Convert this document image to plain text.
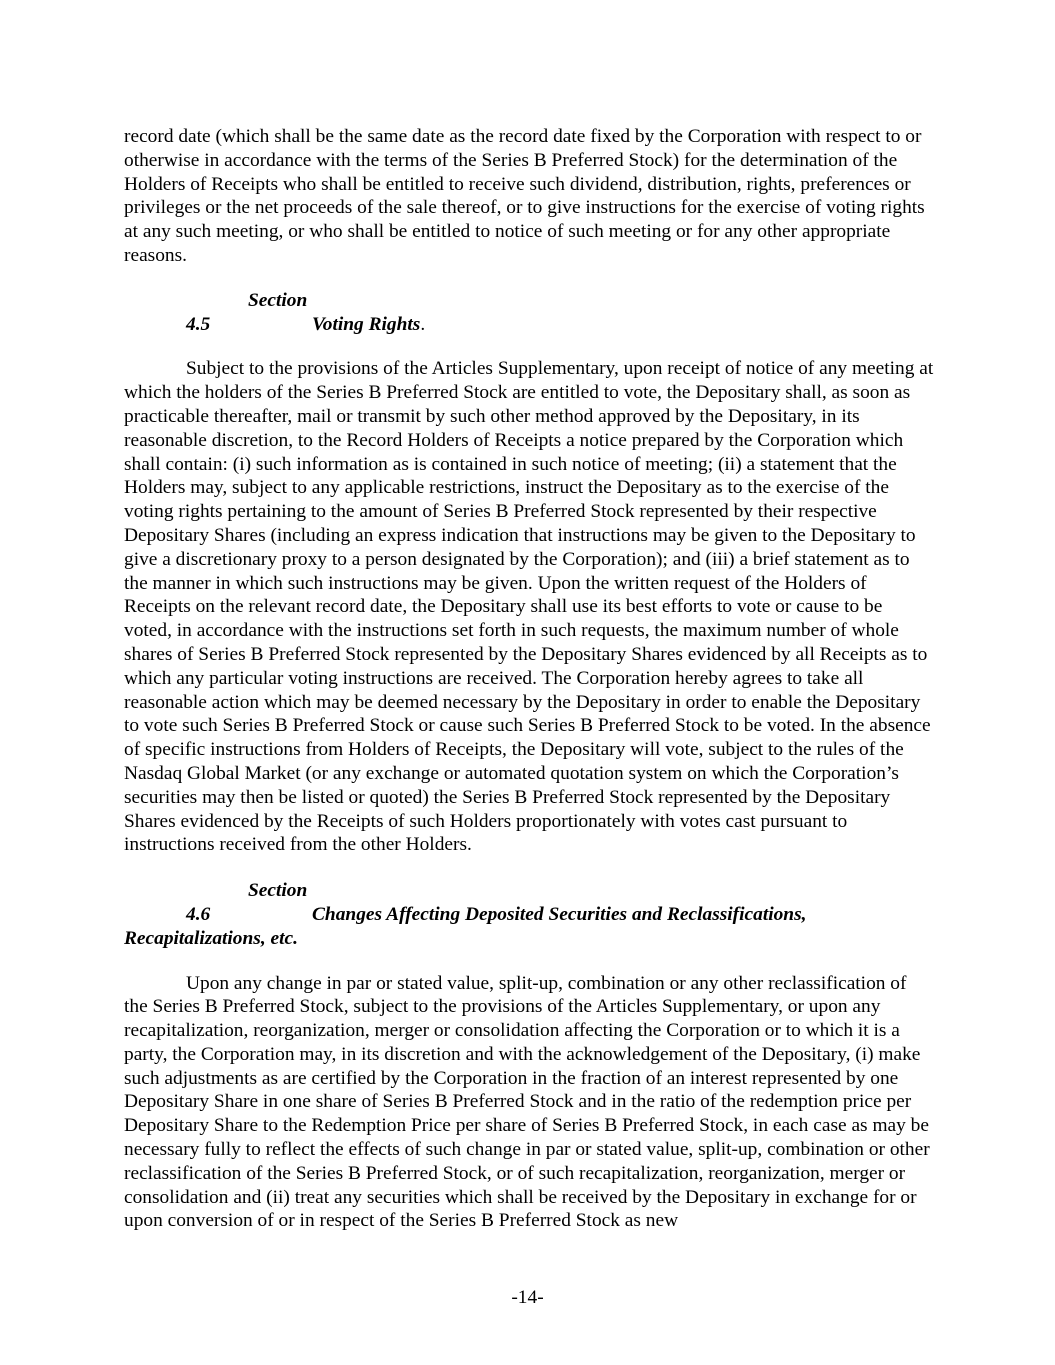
record date (which shall be the same date as the record date fixed by the Corporation with respect to or otherwise in accordance with the terms of the Series B Preferred Stock) for the determination of the Holders of Receipts who shall be entitled to receive such dividend, distribution, rights, preferences or privileges or the net proceeds of the sale thereof, or to give instructions for the exercise of voting rights at any such meeting, or who shall be entitled to notice of such meeting or for any other appropriate reasons.

Section 4.5	Voting Rights.

Subject to the provisions of the Articles Supplementary, upon receipt of notice of any meeting at which the holders of the Series B Preferred Stock are entitled to vote, the Depositary shall, as soon as practicable thereafter, mail or transmit by such other method approved by the Depositary, in its reasonable discretion, to the Record Holders of Receipts a notice prepared by the Corporation which shall contain: (i) such information as is contained in such notice of meeting; (ii) a statement that the Holders may, subject to any applicable restrictions, instruct the Depositary as to the exercise of the voting rights pertaining to the amount of Series B Preferred Stock represented by their respective Depositary Shares (including an express indication that instructions may be given to the Depositary to give a discretionary proxy to a person designated by the Corporation); and (iii) a brief statement as to the manner in which such instructions may be given. Upon the written request of the Holders of Receipts on the relevant record date, the Depositary shall use its best efforts to vote or cause to be voted, in accordance with the instructions set forth in such requests, the maximum number of whole shares of Series B Preferred Stock represented by the Depositary Shares evidenced by all Receipts as to which any particular voting instructions are received. The Corporation hereby agrees to take all reasonable action which may be deemed necessary by the Depositary in order to enable the Depositary to vote such Series B Preferred Stock or cause such Series B Preferred Stock to be voted. In the absence of specific instructions from Holders of Receipts, the Depositary will vote, subject to the rules of the Nasdaq Global Market (or any exchange or automated quotation system on which the Corporation’s securities may then be listed or quoted) the Series B Preferred Stock represented by the Depositary Shares evidenced by the Receipts of such Holders proportionately with votes cast pursuant to instructions received from the other Holders.

Section 4.6	Changes Affecting Deposited Securities and Reclassifications, Recapitalizations, etc.

Upon any change in par or stated value, split-up, combination or any other reclassification of the Series B Preferred Stock, subject to the provisions of the Articles Supplementary, or upon any recapitalization, reorganization, merger or consolidation affecting the Corporation or to which it is a party, the Corporation may, in its discretion and with the acknowledgement of the Depositary, (i) make such adjustments as are certified by the Corporation in the fraction of an interest represented by one Depositary Share in one share of Series B Preferred Stock and in the ratio of the redemption price per Depositary Share to the Redemption Price per share of Series B Preferred Stock, in each case as may be necessary fully to reflect the effects of such change in par or stated value, split-up, combination or other reclassification of the Series B Preferred Stock, or of such recapitalization, reorganization, merger or consolidation and (ii) treat any securities which shall be received by the Depositary in exchange for or upon conversion of or in respect of the Series B Preferred Stock as new

-14-
